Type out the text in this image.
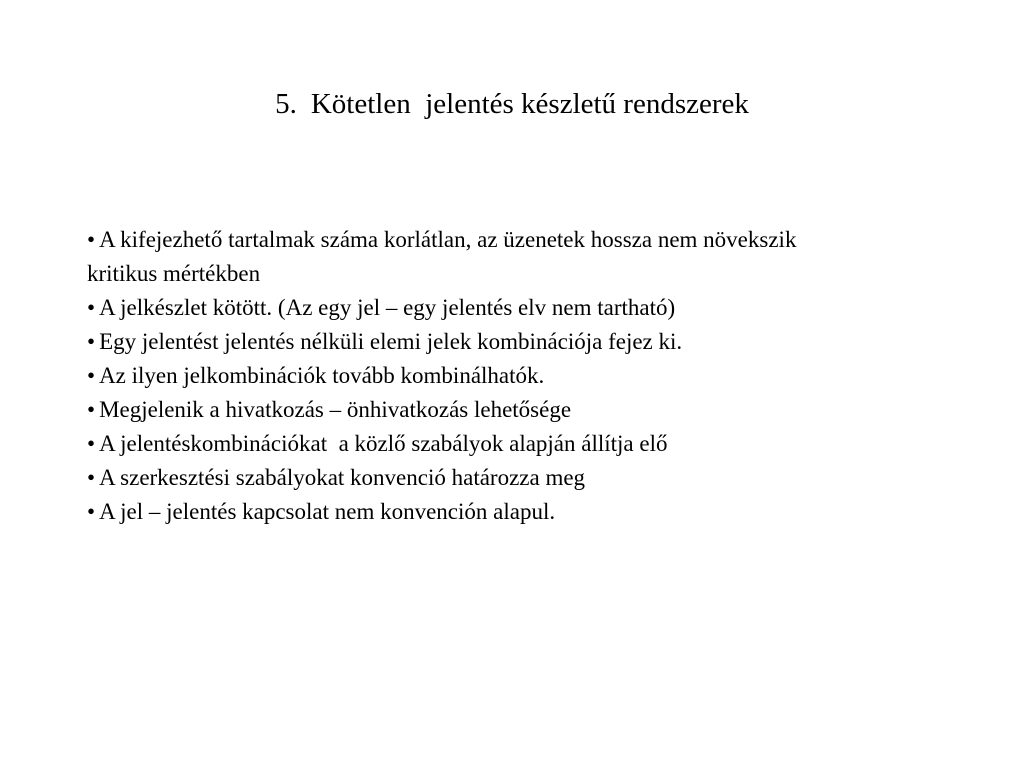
5. Kötetlen  jelentés készletű rendszerek
• A kifejezhető tartalmak száma korlátlan, az üzenetek hossza nem növekszik kritikus mértékben
• A jelkészlet kötött. (Az egy jel – egy jelentés elv nem tartható)
• Egy jelentést jelentés nélküli elemi jelek kombinációja fejez ki.
• Az ilyen jelkombinációk tovább kombinálhatók.
• Megjelenik a hivatkozás – önhivatkozás lehetősége
• A jelentéskombinációkat  a közlő szabályok alapján állítja elő
• A szerkesztési szabályokat konvenció határozza meg
• A jel – jelentés kapcsolat nem konvención alapul.
